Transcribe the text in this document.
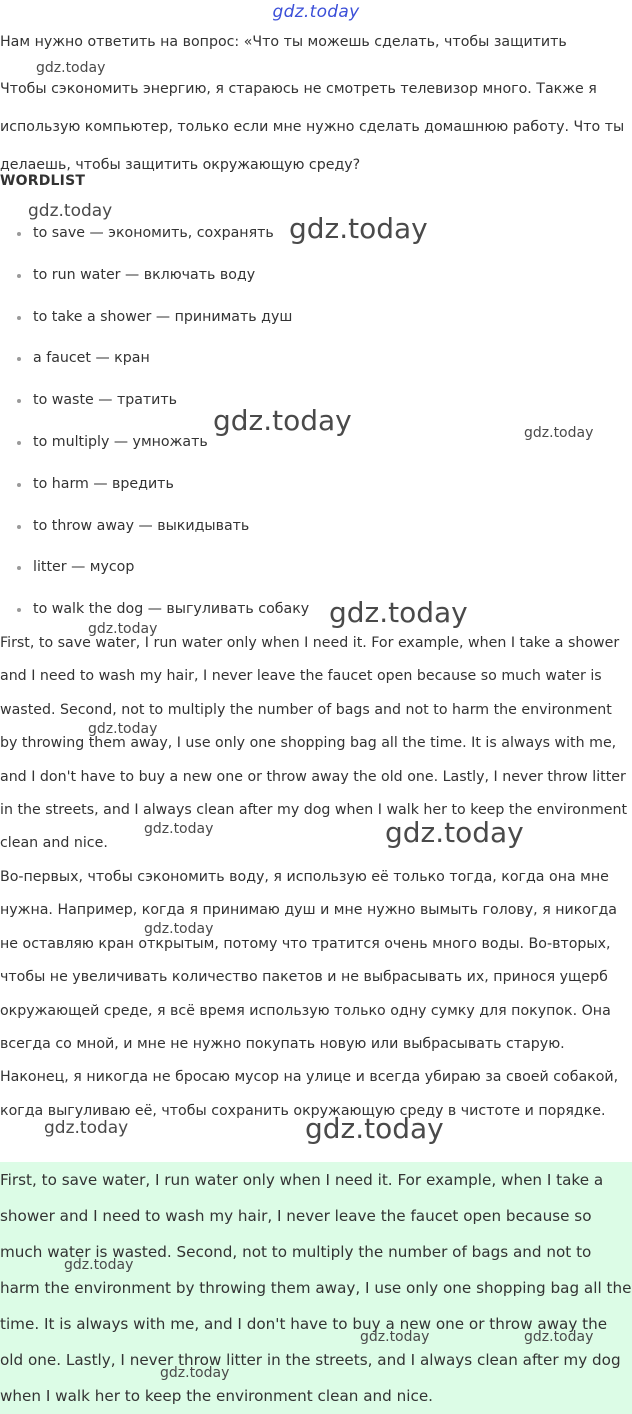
gdz.today

Нам нужно ответить на вопрос: «Что ты можешь сделать, чтобы защитить

Чтобы сэкономить энергию, я стараюсь не смотреть телевизор много. Также я использую компьютер, только если мне нужно сделать домашнюю работу. Что ты делаешь, чтобы защитить окружающую среду?

WORDLIST
to save — экономить, сохранять
to run water — включать воду
to take a shower — принимать душ
a faucet — кран
to waste — тратить
to multiply — умножать
to harm — вредить
to throw away — выкидывать
litter — мусор
to walk the dog — выгуливать собаку

First, to save water, I run water only when I need it. For example, when I take a shower and I need to wash my hair, I never leave the faucet open because so much water is wasted. Second, not to multiply the number of bags and not to harm the environment by throwing them away, I use only one shopping bag all the time. It is always with me, and I don't have to buy a new one or throw away the old one. Lastly, I never throw litter in the streets, and I always clean after my dog when I walk her to keep the environment clean and nice.

Во-первых, чтобы сэкономить воду, я использую её только тогда, когда она мне нужна. Например, когда я принимаю душ и мне нужно вымыть голову, я никогда не оставляю кран открытым, потому что тратится очень много воды. Во-вторых, чтобы не увеличивать количество пакетов и не выбрасывать их, принося ущерб окружающей среде, я всё время использую только одну сумку для покупок. Она всегда со мной, и мне не нужно покупать новую или выбрасывать старую. Наконец, я никогда не бросаю мусор на улице и всегда убираю за своей собакой, когда выгуливаю её, чтобы сохранить окружающую среду в чистоте и порядке.

First, to save water, I run water only when I need it. For example, when I take a shower and I need to wash my hair, I never leave the faucet open because so much water is wasted. Second, not to multiply the number of bags and not to harm the environment by throwing them away, I use only one shopping bag all the time. It is always with me, and I don't have to buy a new one or throw away the old one. Lastly, I never throw litter in the streets, and I always clean after my dog when I walk her to keep the environment clean and nice.

gdz.today
gdz.today
gdz.today
gdz.today	gdz.today
gdz.today
gdz.today
gdz.today
gdz.today	gdz.today
gdz.today
gdz.today	gdz.today
gdz.today
gdz.today	gdz.today
gdz.today
